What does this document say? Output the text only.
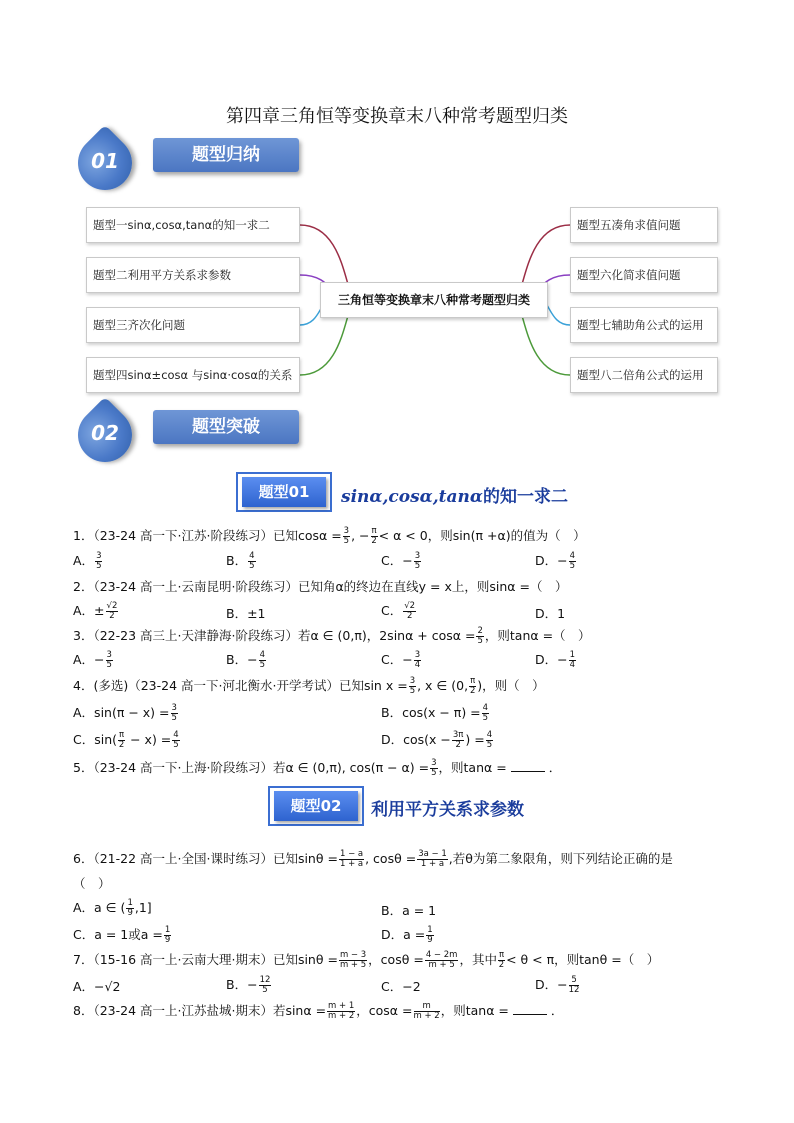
第四章三角恒等变换章末八种常考题型归类
01	题型归纳
题型一sinα,cosα,tanα的知一求二
题型二利用平方关系求参数
题型三齐次化问题
题型四sinα±cosα 与sinα·cosα的关系
三角恒等变换章末八种常考题型归类
题型五凑角求值问题
题型六化简求值问题
题型七辅助角公式的运用
题型八二倍角公式的运用
02	题型突破
题型01	sinα,cosα,tanα的知一求二
1．（23-24 高一下·江苏·阶段练习）已知$\cos\alpha = \frac{3}{5}$ , − $\frac{\pi}{2} < \alpha < 0$，则sin(π +α)的值为（　）
A． $\frac{3}{5}$	B． $\frac{4}{5}$	C．− $\frac{3}{5}$	D．− $\frac{4}{5}$
2．（23-24 高一上·云南昆明·阶段练习）已知角α的终边在直线y = x上，则sinα =（　）
A．± $\frac{√2}{2}$	B．±1	C． $\frac{√2}{2}$	D．1
3．（22-23 高三上·天津静海·阶段练习）若α ∈ (0,π)，$2\sin\alpha + \cos\alpha = \frac{2}{5}$ ，则tanα =（　）
A．− $\frac{3}{5}$	B．− $\frac{4}{5}$	C．− $\frac{3}{4}$	D．− $\frac{1}{4}$
4．(多选)（23-24 高一下·河北衡水·开学考试）已知$\sin x = \frac{3}{5}$ , x ∈ (0, $\frac{\pi}{2}$ )，则（　）
A．$\sin(\pi - x) = \frac{3}{5}$	B．$\cos(x - \pi) = \frac{4}{5}$
C．$\sin( \frac{\pi}{2} - x) = \frac{4}{5}$	D．$\cos(x - \frac{3\pi}{2}$ ) = $\frac{4}{5}$
5．（23-24 高一下·上海·阶段练习）若α ∈ (0,π), $\cos(\pi - \alpha) = \frac{3}{5}$ ，则tanα =	．
题型02	利用平方关系求参数
6．（21-22 高一上·全国·课时练习）已知$\sin\theta = \frac{1 - a}{1 + a}$ , $\cos\theta = \frac{3a - 1}{1 + a}$ ,若θ为第二象限角，则下列结论正确的是
（　）
A．a ∈ ( $\frac{1}{9} ,1$]	B．a = 1
C．a = 1或$a = \frac{1}{9}$	D．$a = \frac{1}{9}$
7．（15-16 高一上·云南大理·期末）已知$\sin\theta = \frac{m - 3}{m + 5}$ ，$\cos\theta = \frac{4 - 2m}{m + 5}$ ，其中 $\frac{\pi}{2} < \theta < \pi$，则tanθ =（　）
A．−√2	B．− $\frac{12}{5}$	C．−2	D．− $\frac{5}{12}$
8．（23-24 高一上·江苏盐城·期末）若$\sin\alpha = \frac{m + 1}{m + 2}$ ，$\cos\alpha = \frac{m}{m + 2}$ ，则tanα =	．
